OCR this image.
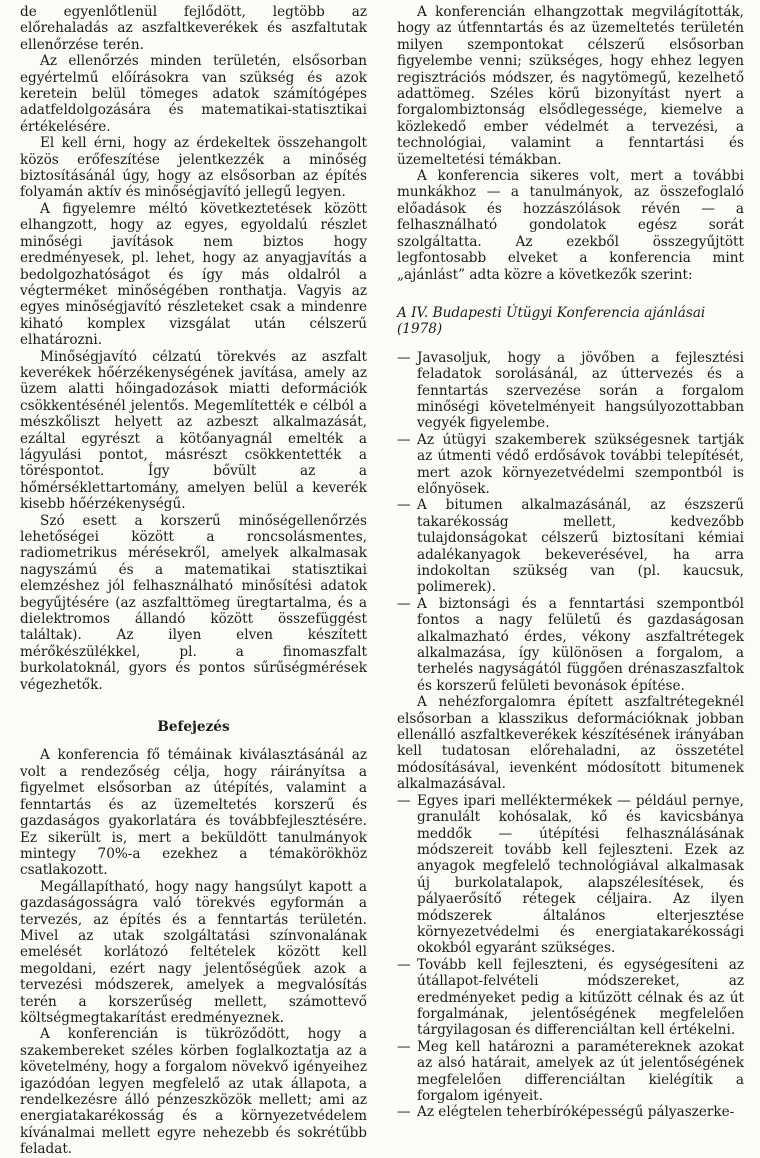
de egyenlőtlenül fejlődött, legtöbb az előrehaladás az aszfaltkeverékek és aszfaltutak ellenőrzése terén.

Az ellenőrzés minden területén, elsősorban egyértelmű előírásokra van szükség és azok keretein belül tömeges adatok számítógépes adatfeldolgozására és matematikai-statisztikai értékelésére.

El kell érni, hogy az érdekeltek összehangolt közös erőfeszítése jelentkezzék a minőség biztosításánál úgy, hogy az elsősorban az építés folyamán aktív és minőségjavító jellegű legyen.

A figyelemre méltó következtetések között elhangzott, hogy az egyes, egyoldalú részlet minőségi javítások nem biztos hogy eredményesek, pl. lehet, hogy az anyagjavítás a bedolgozhatóságot és így más oldalról a végterméket minőségében ronthatja. Vagyis az egyes minőségjavító részleteket csak a mindenre kiható komplex vizsgálat után célszerű elhatározni.

Minőségjavító célzatú törekvés az aszfalt keverékek hőérzékenységének javítása, amely az üzem alatti hőingadozások miatti deformációk csökkentésénél jelentős. Megemlítették e célból a mészkőliszt helyett az azbeszt alkalmazását, ezáltal egyrészt a kötőanyagnál emelték a lágyulási pontot, másrészt csökkentették a töréspontot. Így bővült az a hőmérséklettartomány, amelyen belül a keverék kisebb hőérzékenységű.

Szó esett a korszerű minőségellenőrzés lehetőségei között a roncsolásmentes, radiometrikus mérésekről, amelyek alkalmasak nagyszámú és a matematikai statisztikai elemzéshez jól felhasználható minősítési adatok begyűjtésére (az aszfalttömeg üregtartalma, és a dielektromos állandó között összefüggést találtak). Az ilyen elven készített mérőkészülékkel, pl. a finomaszfalt burkolatoknál, gyors és pontos sűrűségmérések végezhetők.

Befejezés

A konferencia fő témáinak kiválasztásánál az volt a rendezőség célja, hogy ráirányítsa a figyelmet elsősorban az útépítés, valamint a fenntartás és az üzemeltetés korszerű és gazdaságos gyakorlatára és továbbfejlesztésére. Ez sikerült is, mert a beküldött tanulmányok mintegy 70%-a ezekhez a témakörökhöz csatlakozott.

Megállapítható, hogy nagy hangsúlyt kapott a gazdaságosságra való törekvés egyformán a tervezés, az építés és a fenntartás területén. Mivel az utak szolgáltatási színvonalának emelését korlátozó feltételek között kell megoldani, ezért nagy jelentőségűek azok a tervezési módszerek, amelyek a megvalósítás terén a korszerűség mellett, számottevő költségmegtakarítást eredményeznek.

A konferencián is tükröződött, hogy a szakembereket széles körben foglalkoztatja az a követelmény, hogy a forgalom növekvő igényeihez igazódóan legyen megfelelő az utak állapota, a rendelkezésre álló pénzeszközök mellett; ami az energiatakarékosság és a környezetvédelem kívánalmai mellett egyre nehezebb és sokrétűbb feladat.

A konferencián elhangzottak megvilágították, hogy az útfenntartás és az üzemeltetés területén milyen szempontokat célszerű elsősorban figyelembe venni; szükséges, hogy ehhez legyen regisztrációs módszer, és nagytömegű, kezelhető adattömeg. Széles körű bizonyítást nyert a forgalombiztonság elsődlegessége, kiemelve a közlekedő ember védelmét a tervezési, a technológiai, valamint a fenntartási és üzemeltetési témákban.

A konferencia sikeres volt, mert a további munkákhoz — a tanulmányok, az összefoglaló előadások és hozzászólások révén — a felhasználható gondolatok egész sorát szolgáltatta. Az ezekből összegyűjtött legfontosabb elveket a konferencia mint „ajánlást” adta közre a következők szerint:

A IV. Budapesti Útügyi Konferencia ajánlásai (1978)

— Javasoljuk, hogy a jövőben a fejlesztési feladatok sorolásánál, az úttervezés és a fenntartás szervezése során a forgalom minőségi követelményeit hangsúlyozottabban vegyék figyelembe.

— Az útügyi szakemberek szükségesnek tartják az útmenti védő erdősávok további telepítését, mert azok környezetvédelmi szempontból is előnyösek.

— A bitumen alkalmazásánál, az észszerű takarékosság mellett, kedvezőbb tulajdonságokat célszerű biztosítani kémiai adalékanyagok bekeverésével, ha arra indokoltan szükség van (pl. kaucsuk, polimerek).

— A biztonsági és a fenntartási szempontból fontos a nagy felületű és gazdaságosan alkalmazható érdes, vékony aszfaltrétegek alkalmazása, így különösen a forgalom, a terhelés nagyságától függően drénaszaszfaltok és korszerű felületi bevonások építése.

A nehézforgalomra épített aszfaltrétegeknél elsősorban a klasszikus deformációknak jobban ellenálló aszfaltkeverékek készítésének irányában kell tudatosan előrehaladni, az összetétel módosításával, ievenként módosított bitumenek alkalmazásával.

— Egyes ipari melléktermékek — például pernye, granulált kohósalak, kő és kavicsbánya meddők — útépítési felhasználásának módszereit tovább kell fejleszteni. Ezek az anyagok megfelelő technológiával alkalmasak új burkolatalapok, alapszélesítések, és pályaerősítő rétegek céljaira. Az ilyen módszerek általános elterjesztése környezetvédelmi és energiatakarékossági okokból egyaránt szükséges.

— Tovább kell fejleszteni, és egységesíteni az útállapot-felvételi módszereket, az eredményeket pedig a kitűzött célnak és az út forgalmának, jelentőségének megfelelően tárgyilagosan és differenciáltan kell értékelni.

— Meg kell határozni a paramétereknek azokat az alsó határait, amelyek az út jelentőségének megfelelően differenciáltan kielégítik a forgalom igényeit.

— Az elégtelen teherbíróképességű pályaszerke-
